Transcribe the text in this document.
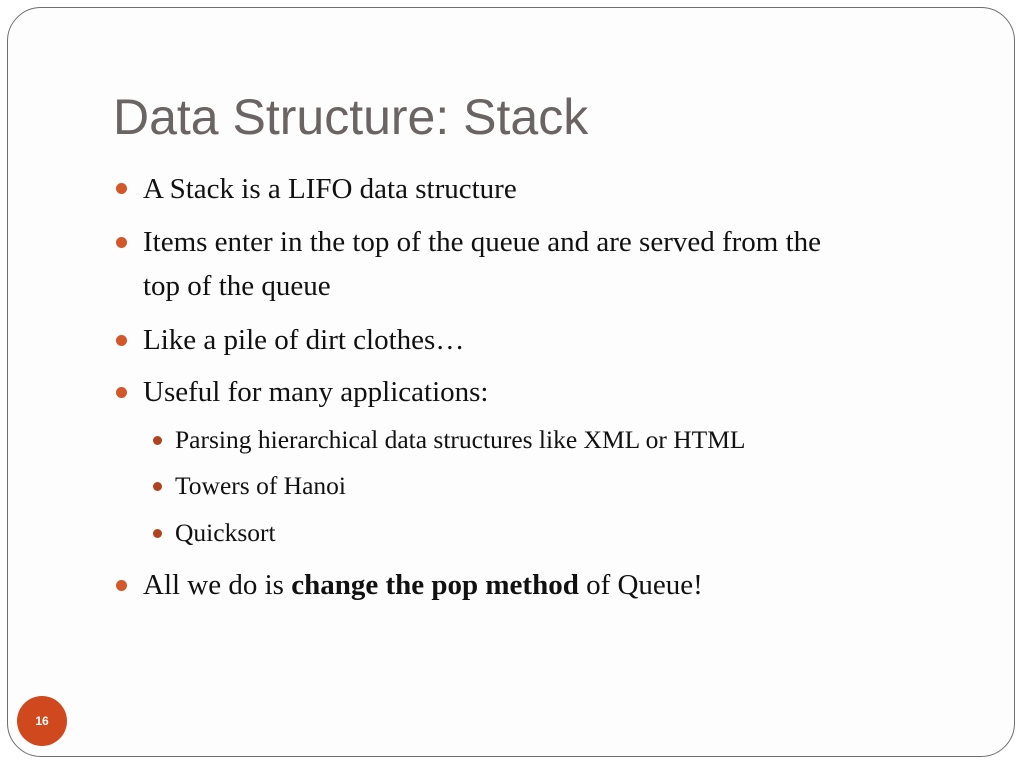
Data Structure: Stack
A Stack is a LIFO data structure
Items enter in the top of the queue and are served from the
top of the queue
Like a pile of dirt clothes…
Useful for many applications:
Parsing hierarchical data structures like XML or HTML
Towers of Hanoi
Quicksort
All we do is change the pop method of Queue!
16
